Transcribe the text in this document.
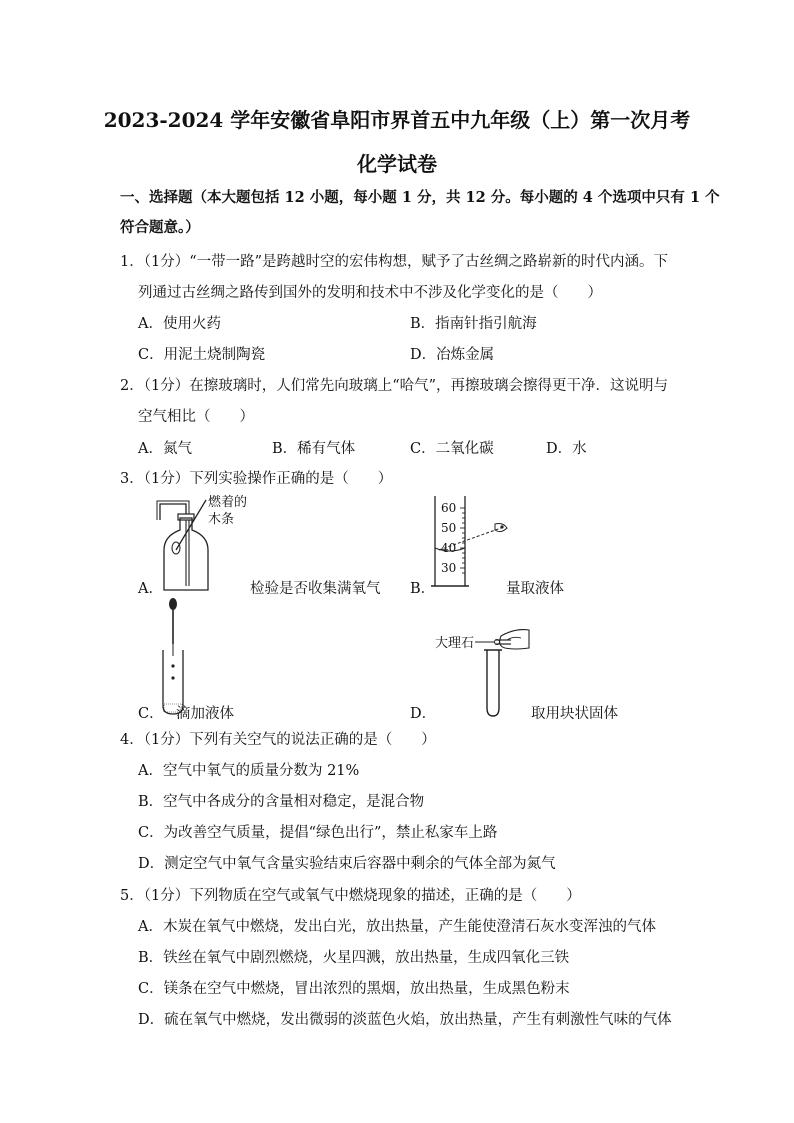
2023-2024 学年安徽省阜阳市界首五中九年级（上）第一次月考
化学试卷
一、选择题（本大题包括 12 小题，每小题 1 分，共 12 分。每小题的 4 个选项中只有 1 个
符合题意。）
1．（1分）“一带一路”是跨越时空的宏伟构想，赋予了古丝绸之路崭新的时代内涵。下
列通过古丝绸之路传到国外的发明和技术中不涉及化学变化的是（　　）
A．使用火药	B．指南针指引航海
C．用泥土烧制陶瓷	D．冶炼金属
2．（1分）在擦玻璃时，人们常先向玻璃上“哈气”，再擦玻璃会擦得更干净．这说明与
空气相比（　　）
A．氮气	B．稀有气体	C．二氧化碳	D．水
3．（1分）下列实验操作正确的是（　　）
A．
燃着的
木条
检验是否收集满氧气 B．
60
50
40
30
量取液体
C． 滴加液体	D．
大理石
取用块状固体
4．（1分）下列有关空气的说法正确的是（　　）
A．空气中氧气的质量分数为 21%
B．空气中各成分的含量相对稳定，是混合物
C．为改善空气质量，提倡“绿色出行”，禁止私家车上路
D．测定空气中氧气含量实验结束后容器中剩余的气体全部为氮气
5．（1分）下列物质在空气或氧气中燃烧现象的描述，正确的是（　　）
A．木炭在氧气中燃烧，发出白光，放出热量，产生能使澄清石灰水变浑浊的气体
B．铁丝在氧气中剧烈燃烧，火星四溅，放出热量，生成四氧化三铁
C．镁条在空气中燃烧，冒出浓烈的黑烟，放出热量，生成黑色粉末
D．硫在氧气中燃烧，发出微弱的淡蓝色火焰，放出热量，产生有刺激性气味的气体
